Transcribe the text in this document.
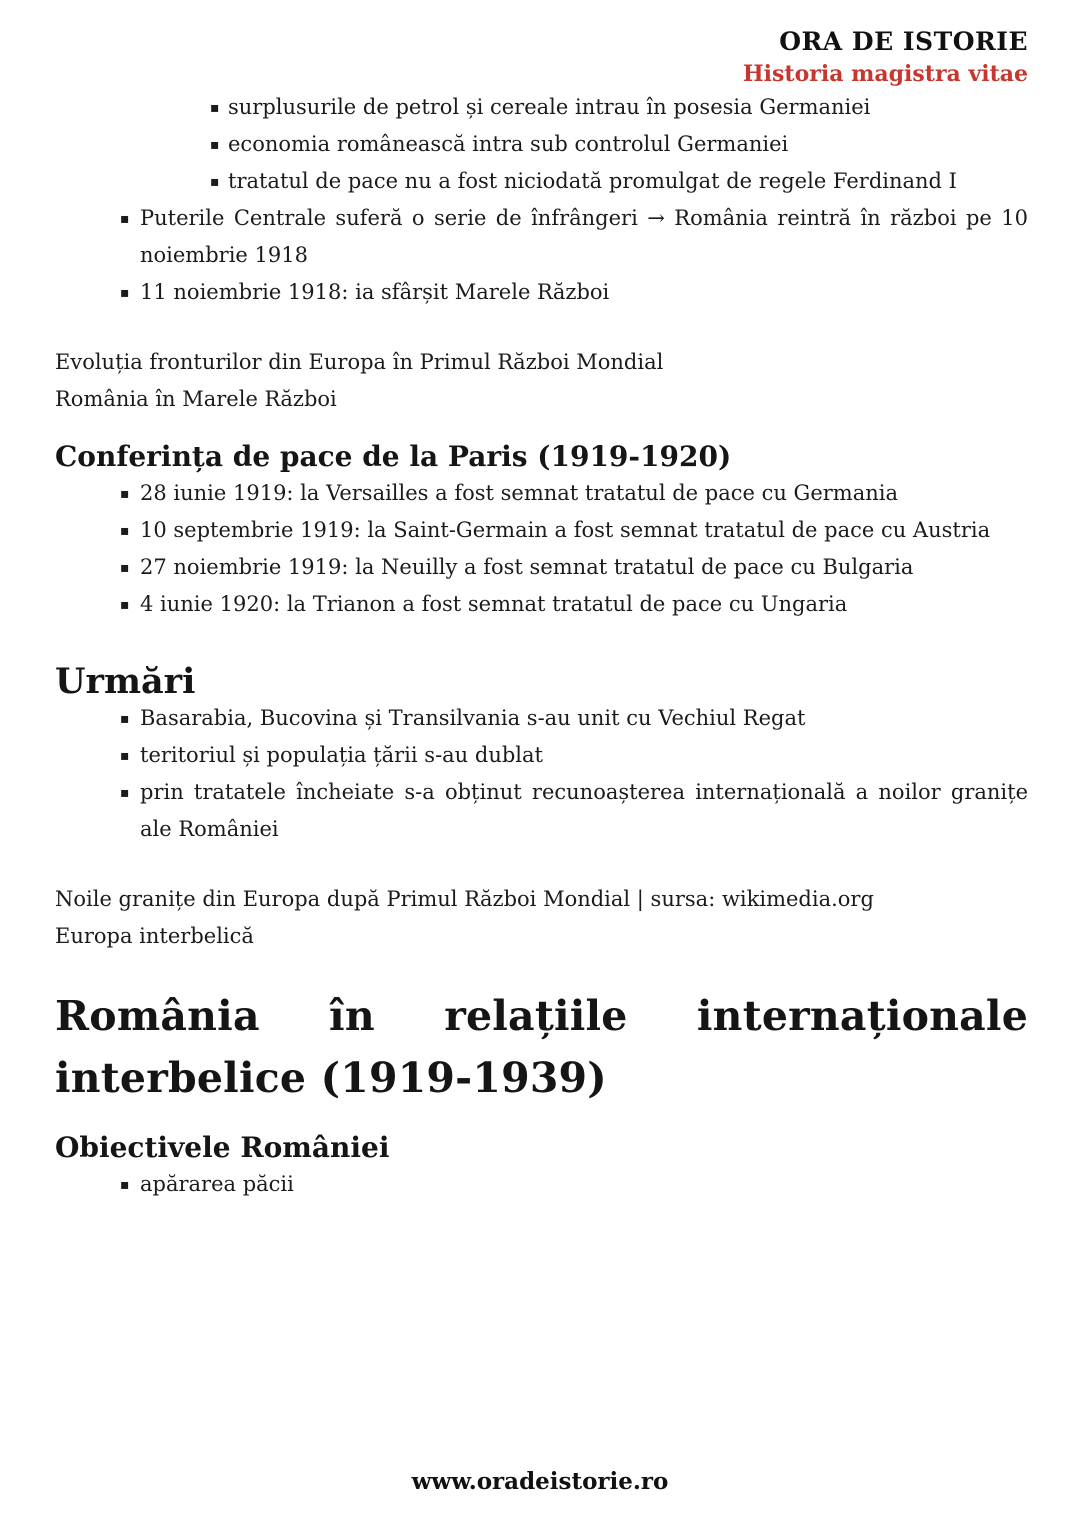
ORA DE ISTORIE
Historia magistra vitae
▪ surplusurile de petrol și cereale intrau în posesia Germaniei
▪ economia românească intra sub controlul Germaniei
▪ tratatul de pace nu a fost niciodată promulgat de regele Ferdinand I
▪ Puterile Centrale suferă o serie de înfrângeri → România reintră în război pe 10 noiembrie 1918
▪ 11 noiembrie 1918: ia sfârșit Marele Război

Evoluția fronturilor din Europa în Primul Război Mondial
România în Marele Război

Conferința de pace de la Paris (1919-1920)
▪ 28 iunie 1919: la Versailles a fost semnat tratatul de pace cu Germania
▪ 10 septembrie 1919: la Saint-Germain a fost semnat tratatul de pace cu Austria
▪ 27 noiembrie 1919: la Neuilly a fost semnat tratatul de pace cu Bulgaria
▪ 4 iunie 1920: la Trianon a fost semnat tratatul de pace cu Ungaria
Urmări
▪ Basarabia, Bucovina și Transilvania s-au unit cu Vechiul Regat
▪ teritoriul și populația țării s-au dublat
▪ prin tratatele încheiate s-a obținut recunoașterea internațională a noilor granițe ale României

Noile granițe din Europa după Primul Război Mondial | sursa: wikimedia.org
Europa interbelică

România în relațiile internaționale interbelice (1919-1939)
Obiectivele României
▪ apărarea păcii
www.oradeistorie.ro
